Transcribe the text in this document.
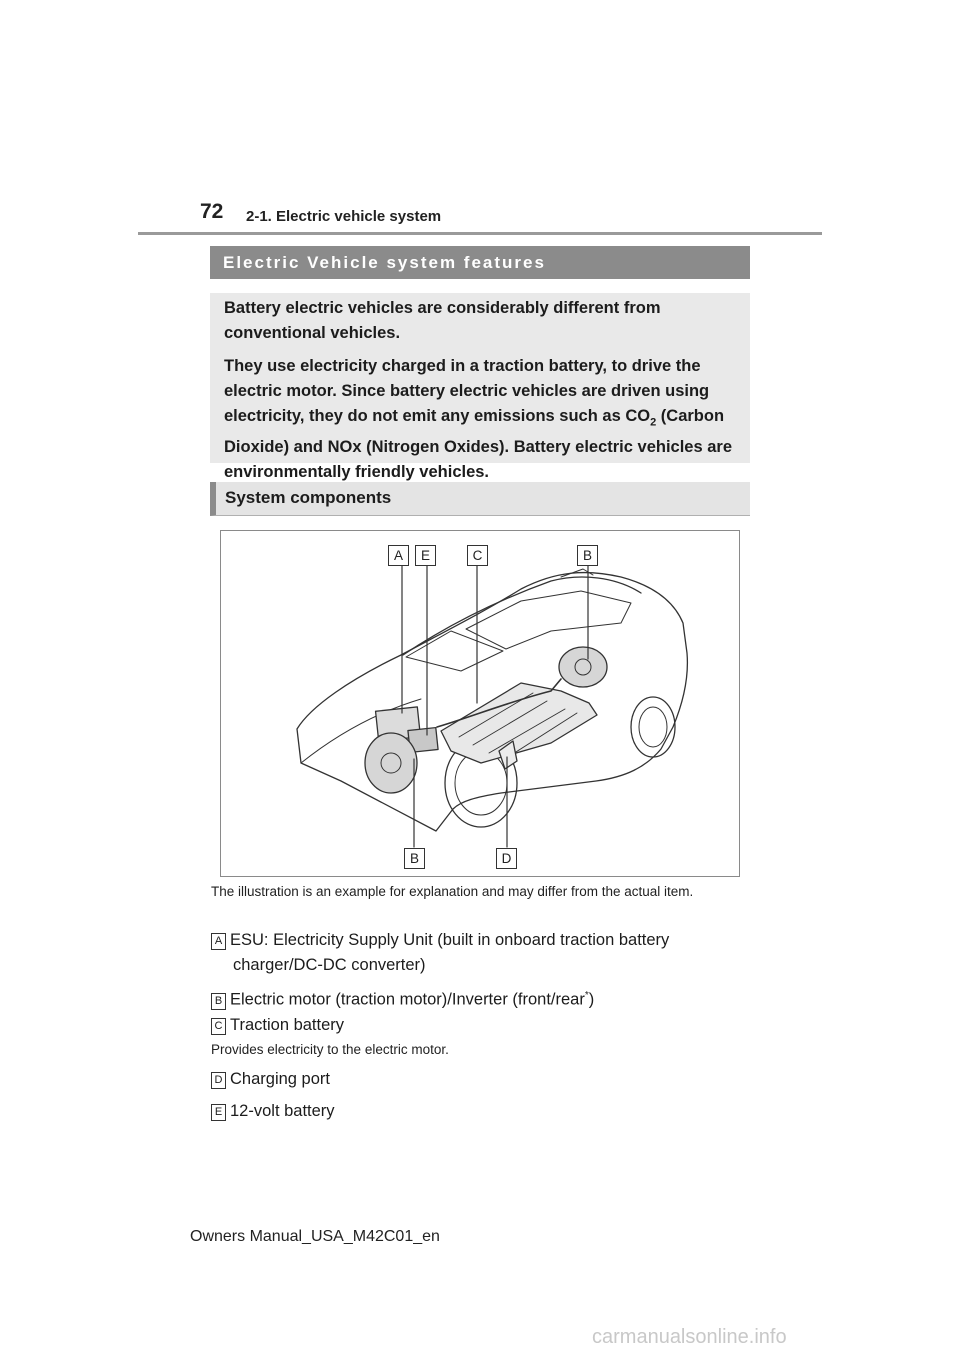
72 2-1. Electric vehicle system
Electric Vehicle system features

Battery electric vehicles are considerably different from conventional vehicles.

They use electricity charged in a traction battery, to drive the electric motor. Since battery electric vehicles are driven using electricity, they do not emit any emissions such as $CO_2$ (Carbon Dioxide) and NOx (Nitrogen Oxides). Battery electric vehicles are environmentally friendly vehicles.

System components
A	E	C	B
B	D
The illustration is an example for explanation and may differ from the actual item.
A ESU: Electricity Supply Unit (built in onboard traction battery
charger/DC-DC converter)
B Electric motor (traction motor)/Inverter (front/rear*)
C Traction battery
Provides electricity to the electric motor.
D Charging port
E 12-volt battery
Owners Manual_USA_M42C01_en
carmanualsonline.info
